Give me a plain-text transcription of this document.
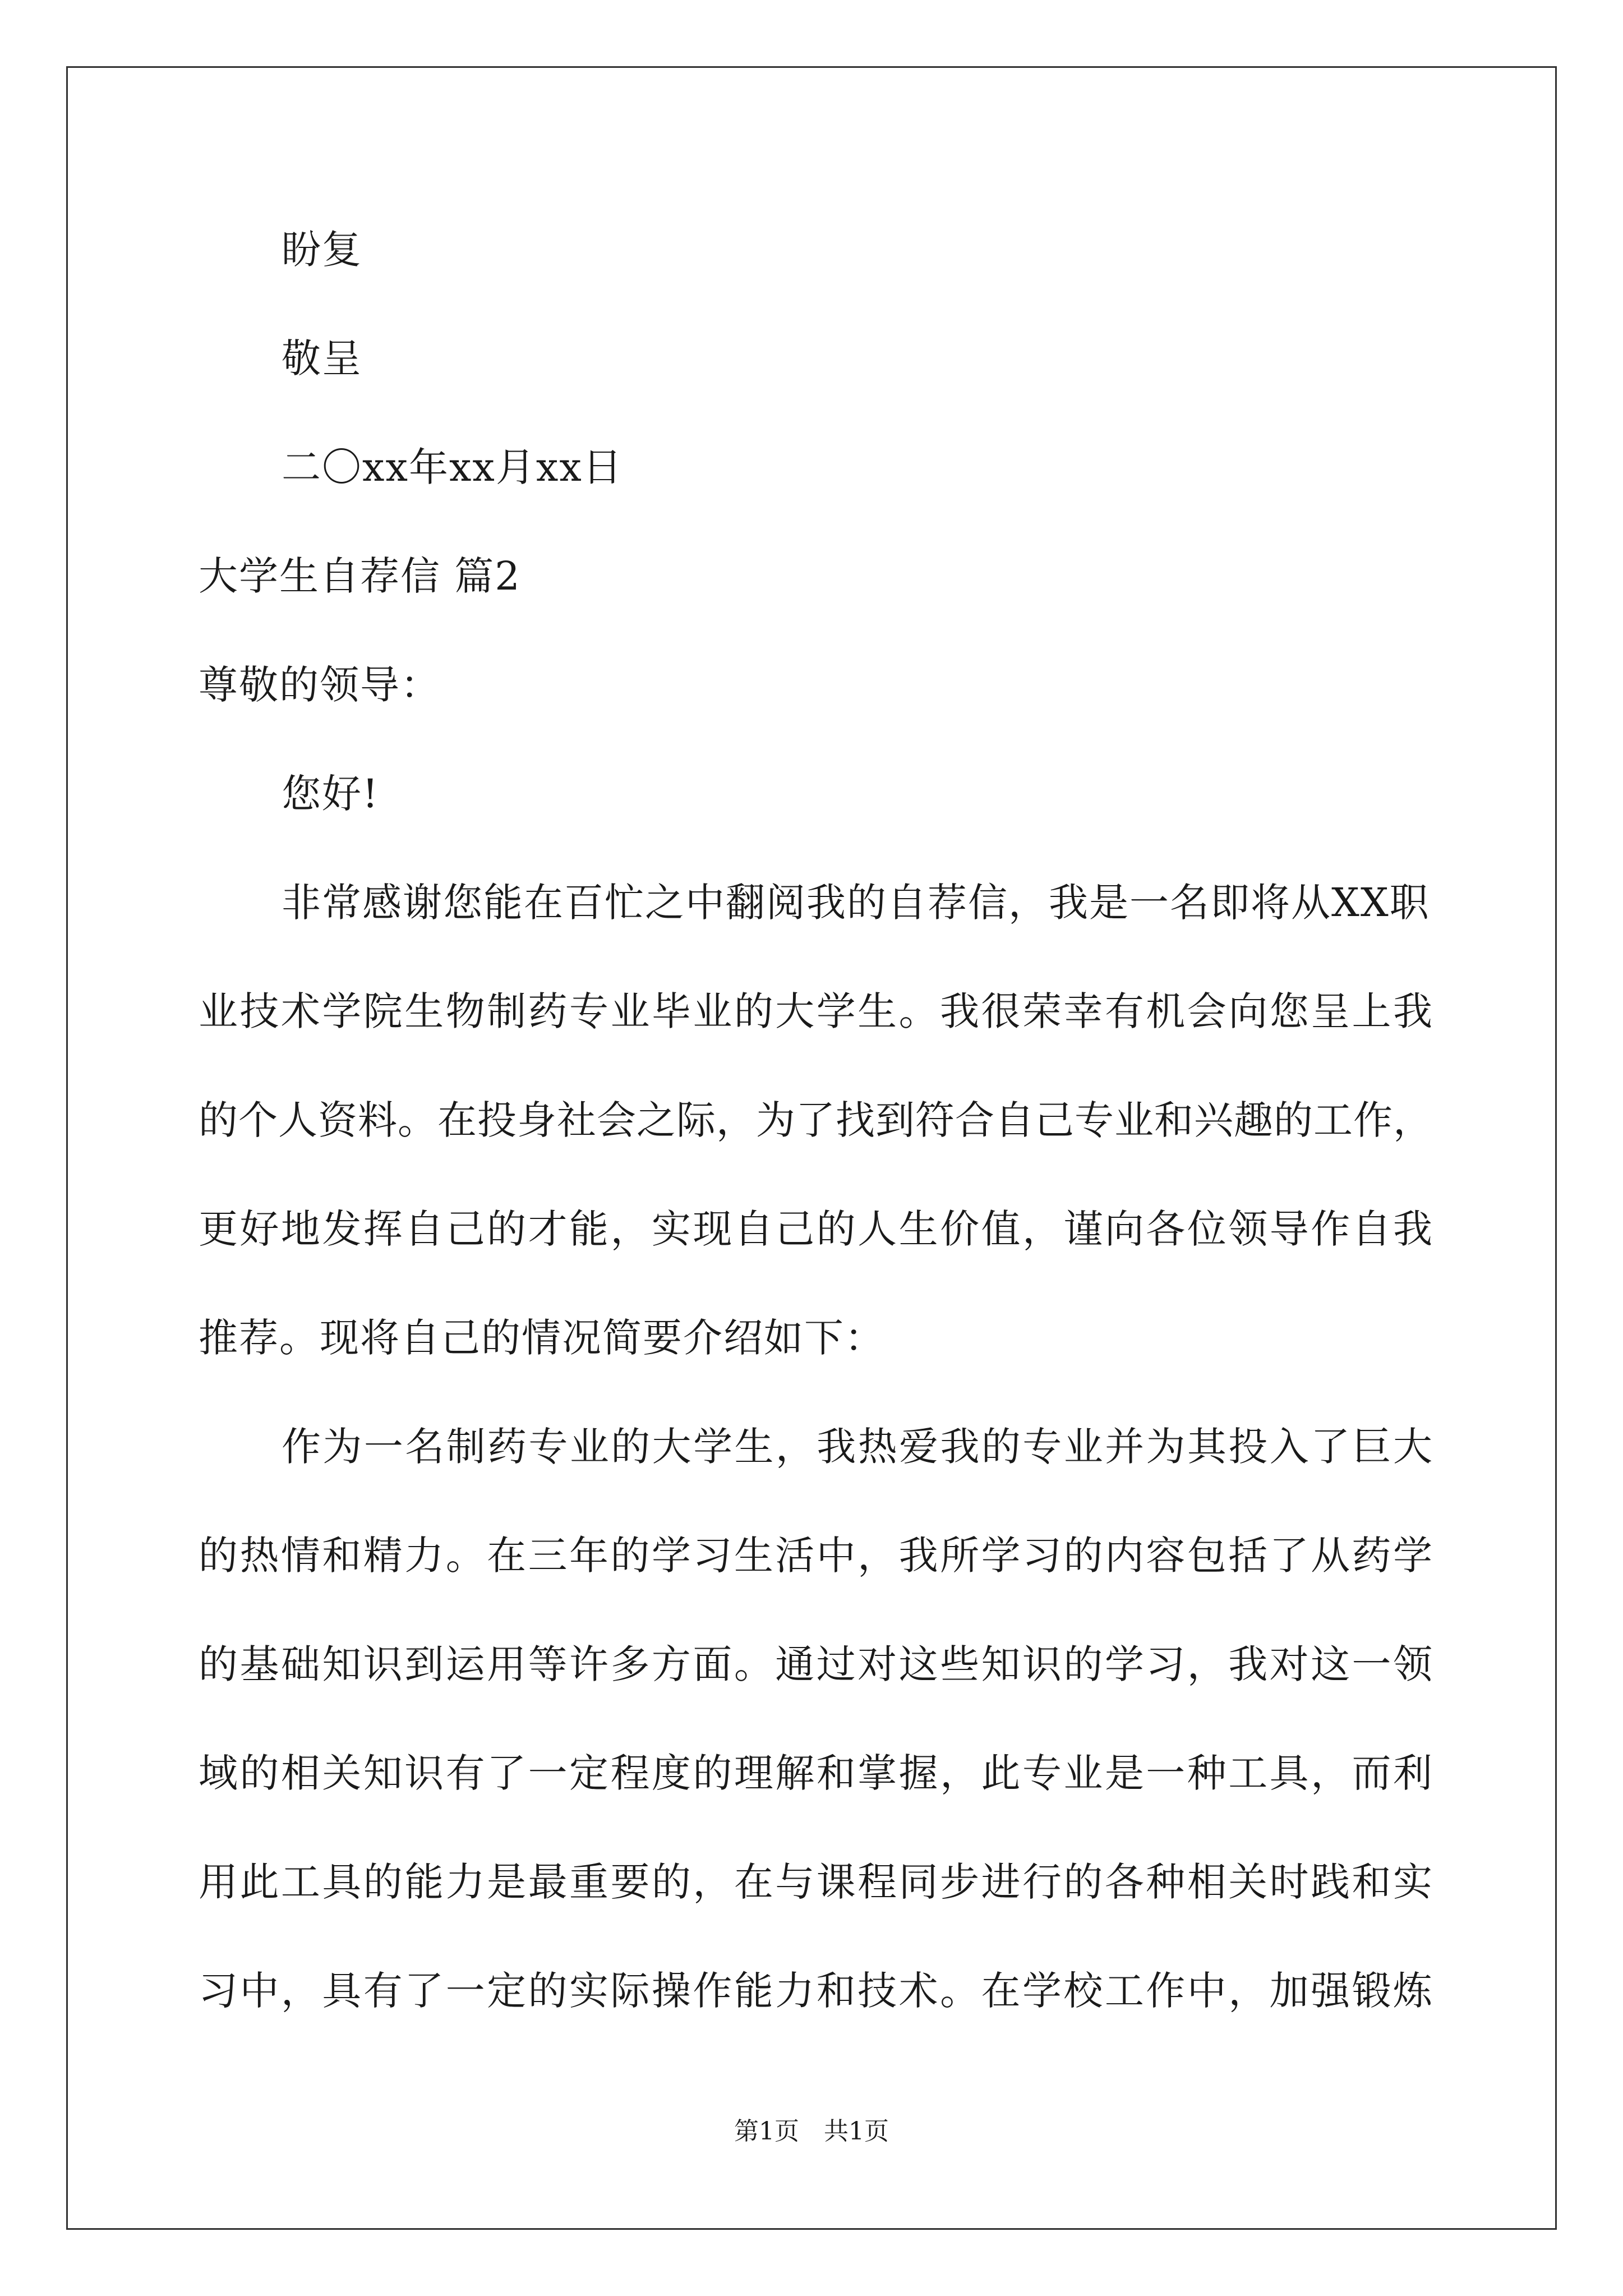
盼复
敬呈
二〇xx年xx月xx日
大学生自荐信 篇2
尊敬的领导：
您好!
非常感谢您能在百忙之中翻阅我的自荐信，我是一名即将从XX职
业技术学院生物制药专业毕业的大学生。我很荣幸有机会向您呈上我
的个人资料。在投身社会之际，为了找到符合自己专业和兴趣的工作，
更好地发挥自己的才能，实现自己的人生价值，谨向各位领导作自我
推荐。现将自己的情况简要介绍如下：
作为一名制药专业的大学生，我热爱我的专业并为其投入了巨大
的热情和精力。在三年的学习生活中，我所学习的内容包括了从药学
的基础知识到运用等许多方面。通过对这些知识的学习，我对这一领
域的相关知识有了一定程度的理解和掌握，此专业是一种工具，而利
用此工具的能力是最重要的，在与课程同步进行的各种相关时践和实
习中，具有了一定的实际操作能力和技术。在学校工作中，加强锻炼
第1页　共1页
